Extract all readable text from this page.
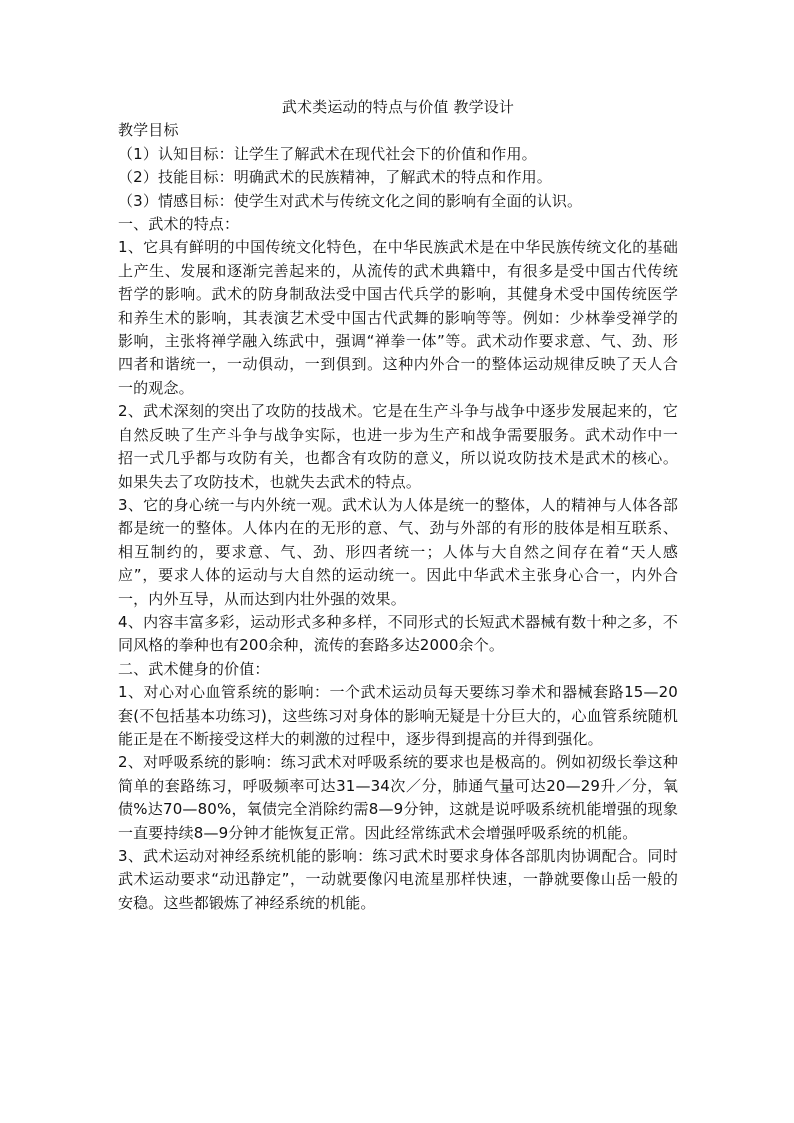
武术类运动的特点与价值 教学设计

教学目标

（1）认知目标：让学生了解武术在现代社会下的价值和作用。

（2）技能目标：明确武术的民族精神，了解武术的特点和作用。

（3）情感目标：使学生对武术与传统文化之间的影响有全面的认识。

一、武术的特点：

1、它具有鲜明的中国传统文化特色，在中华民族武术是在中华民族传统文化的基础上产生、发展和逐渐完善起来的，从流传的武术典籍中，有很多是受中国古代传统哲学的影响。武术的防身制敌法受中国古代兵学的影响，其健身术受中国传统医学和养生术的影响，其表演艺术受中国古代武舞的影响等等。例如：少林拳受禅学的影响，主张将禅学融入练武中，强调“禅拳一体”等。武术动作要求意、气、劲、形四者和谐统一，一动俱动，一到俱到。这种内外合一的整体运动规律反映了天人合一的观念。

2、武术深刻的突出了攻防的技战术。它是在生产斗争与战争中逐步发展起来的，它自然反映了生产斗争与战争实际，也进一步为生产和战争需要服务。武术动作中一招一式几乎都与攻防有关，也都含有攻防的意义，所以说攻防技术是武术的核心。如果失去了攻防技术，也就失去武术的特点。

3、它的身心统一与内外统一观。武术认为人体是统一的整体，人的精神与人体各部都是统一的整体。人体内在的无形的意、气、劲与外部的有形的肢体是相互联系、相互制约的，要求意、气、劲、形四者统一；人体与大自然之间存在着“天人感应”，要求人体的运动与大自然的运动统一。因此中华武术主张身心合一，内外合一，内外互导，从而达到内壮外强的效果。

4、内容丰富多彩，运动形式多种多样，不同形式的长短武术器械有数十种之多，不同风格的拳种也有200余种，流传的套路多达2000余个。

二、武术健身的价值：

1、对心对心血管系统的影响：一个武术运动员每天要练习拳术和器械套路15—20套(不包括基本功练习)，这些练习对身体的影响无疑是十分巨大的，心血管系统随机能正是在不断接受这样大的刺激的过程中，逐步得到提高的并得到强化。

2、对呼吸系统的影响：练习武术对呼吸系统的要求也是极高的。例如初级长拳这种简单的套路练习，呼吸频率可达31—34次／分，肺通气量可达20—29升／分，氧债%达70—80%，氧债完全消除约需8—9分钟，这就是说呼吸系统机能增强的现象一直要持续8—9分钟才能恢复正常。因此经常练武术会增强呼吸系统的机能。

3、武术运动对神经系统机能的影响：练习武术时要求身体各部肌肉协调配合。同时武术运动要求“动迅静定”，一动就要像闪电流星那样快速，一静就要像山岳一般的安稳。这些都锻炼了神经系统的机能。
